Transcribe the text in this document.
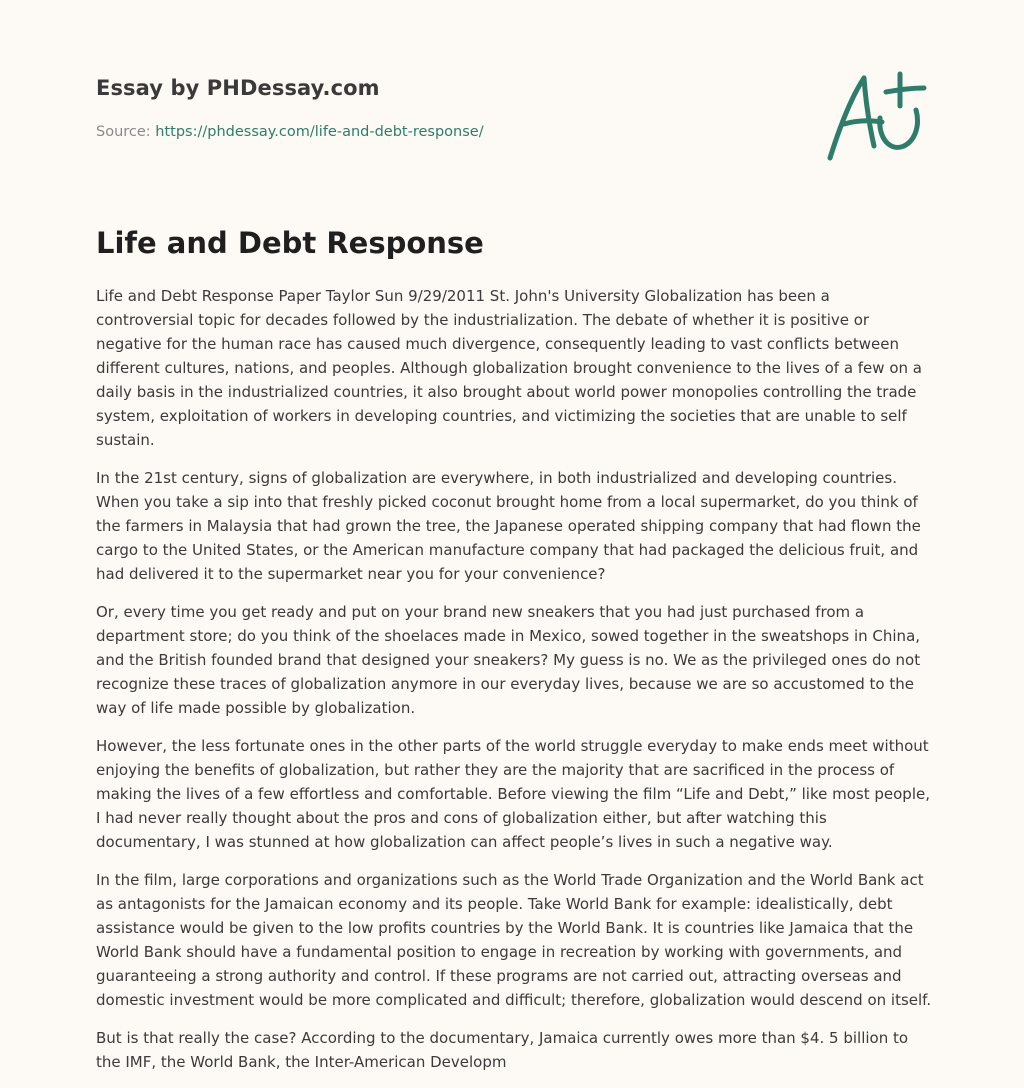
Essay by PHDessay.com
Source: https://phdessay.com/life-and-debt-response/
Life and Debt Response

Life and Debt Response Paper Taylor Sun 9/29/2011 St. John's University Globalization has been a controversial topic for decades followed by the industrialization. The debate of whether it is positive or negative for the human race has caused much divergence, consequently leading to vast conflicts between different cultures, nations, and peoples. Although globalization brought convenience to the lives of a few on a daily basis in the industrialized countries, it also brought about world power monopolies controlling the trade system, exploitation of workers in developing countries, and victimizing the societies that are unable to self sustain.

In the 21st century, signs of globalization are everywhere, in both industrialized and developing countries. When you take a sip into that freshly picked coconut brought home from a local supermarket, do you think of the farmers in Malaysia that had grown the tree, the Japanese operated shipping company that had flown the cargo to the United States, or the American manufacture company that had packaged the delicious fruit, and had delivered it to the supermarket near you for your convenience?

Or, every time you get ready and put on your brand new sneakers that you had just purchased from a department store; do you think of the shoelaces made in Mexico, sowed together in the sweatshops in China, and the British founded brand that designed your sneakers? My guess is no. We as the privileged ones do not recognize these traces of globalization anymore in our everyday lives, because we are so accustomed to the way of life made possible by globalization.

However, the less fortunate ones in the other parts of the world struggle everyday to make ends meet without enjoying the benefits of globalization, but rather they are the majority that are sacrificed in the process of making the lives of a few effortless and comfortable. Before viewing the film “Life and Debt,” like most people, I had never really thought about the pros and cons of globalization either, but after watching this documentary, I was stunned at how globalization can affect people’s lives in such a negative way.

In the film, large corporations and organizations such as the World Trade Organization and the World Bank act as antagonists for the Jamaican economy and its people. Take World Bank for example: idealistically, debt assistance would be given to the low profits countries by the World Bank. It is countries like Jamaica that the World Bank should have a fundamental position to engage in recreation by working with governments, and guaranteeing a strong authority and control. If these programs are not carried out, attracting overseas and domestic investment would be more complicated and difficult; therefore, globalization would descend on itself.

But is that really the case? According to the documentary, Jamaica currently owes more than $4. 5 billion to the IMF, the World Bank, the Inter-American Developm
